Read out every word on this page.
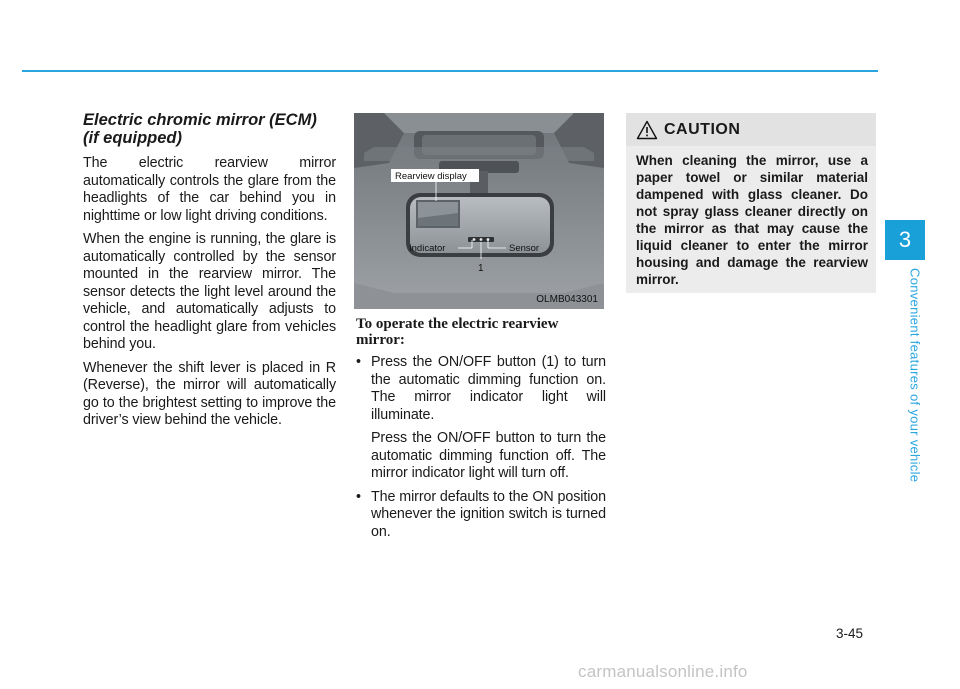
3
Convenient features of your vehicle
Electric chromic mirror (ECM)
(if equipped)

The electric rearview mirror automatically controls the glare from the headlights of the car behind you in nighttime or low light driving conditions.

When the engine is running, the glare is automatically controlled by the sensor mounted in the rearview mirror. The sensor detects the light level around the vehicle, and automatically adjusts to control the headlight glare from vehicles behind you.

Whenever the shift lever is placed in R (Reverse), the mirror will automatically go to the brightest setting to improve the driver’s view behind the vehicle.

Rearview display
Indicator	Sensor
1
OLMB043301
To operate the electric rearview mirror:
• Press the ON/OFF button (1) to turn the automatic dimming function on. The mirror indicator light will illuminate.
Press the ON/OFF button to turn the automatic dimming function off. The mirror indicator light will turn off.
• The mirror defaults to the ON position whenever the ignition switch is turned on.
CAUTION
When cleaning the mirror, use a paper towel or similar material dampened with glass cleaner. Do not spray glass cleaner directly on the mirror as that may cause the liquid cleaner to enter the mirror housing and damage the rearview mirror.
3-45
carmanualsonline.info
